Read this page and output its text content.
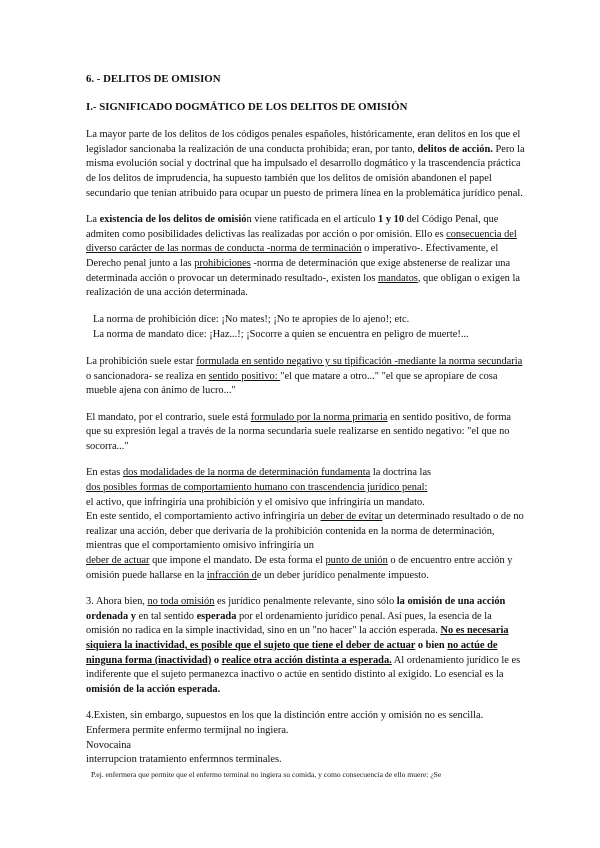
6. - DELITOS DE OMISION
I.- SIGNIFICADO DOGMÁTICO DE LOS DELITOS DE OMISIÓN

La mayor parte de los delitos de los códigos penales españoles, históricamente, eran delitos en los que el legislador sancionaba la realización de una conducta prohibida; eran, por tanto, delitos de acción. Pero la misma evolución social y doctrinal que ha impulsado el desarrollo dogmático y la trascendencia práctica de los delitos de imprudencia, ha supuesto también que los delitos de omisión abandonen el papel secundario que tenían atribuido para ocupar un puesto de primera línea en la problemática jurídico penal.

La existencia de los delitos de omisión viene ratificada en el artículo 1 y 10 del Código Penal, que admiten como posibilidades delictivas las realizadas por acción o por omisión. Ello es consecuencia del diverso carácter de las normas de conducta -norma de terminación o imperativo-. Efectivamente, el Derecho penal junto a las prohibiciones -norma de determinación que exige abstenerse de realizar una determinada acción o provocar un determinado resultado-, existen los mandatos, que obligan o exigen la realización de una acción determinada.

La norma de prohibición dice: ¡No mates!; ¡No te apropies de lo ajeno!; etc.
La norma de mandato dice: ¡Haz...!; ¡Socorre a quien se encuentra en peligro de muerte!...

La prohibición suele estar formulada en sentido negativo y su tipificación -mediante la norma secundaria o sancionadora- se realiza en sentido positivo: "el que matare a otro..." "el que se apropiare de cosa mueble ajena con ánimo de lucro..."

El mandato, por el contrario, suele está formulado por la norma primaria en sentido positivo, de forma que su expresión legal a través de la norma secundaria suele realizarse en sentido negativo: "el que no socorra..."

En estas dos modalidades de la norma de determinación fundamenta la doctrina las
dos posibles formas de comportamiento humano con trascendencia jurídico penal:
el activo, que infringiría una prohibición y el omisivo que infringiría un mandato.
En este sentido, el comportamiento activo infringiría un deber de evitar un determinado resultado o de no realizar una acción, deber que derivaría de la prohibición contenida en la norma de determinación, mientras que el comportamiento omisivo infringiría un
deber de actuar que impone el mandato. De esta forma el punto de unión o de encuentro entre acción y omisión puede hallarse en la infracción de un deber jurídico penalmente impuesto.

3. Ahora bien, no toda omisión es jurídico penalmente relevante, sino sólo la omisión de una acción ordenada y en tal sentido esperada por el ordenamiento jurídico penal. Así pues, la esencia de la omisión no radica en la simple inactividad, sino en un "no hacer" la acción esperada. No es necesaria siquiera la inactividad, es posible que el sujeto que tiene el deber de actuar o bien no actúe de ninguna forma (inactividad) o realice otra acción distinta a esperada. Al ordenamiento jurídico le es indiferente que el sujeto permanezca inactivo o actúe en sentido distinto al exigido. Lo esencial es la omisión de la acción esperada.

4.Existen, sin embargo, supuestos en los que la distinción entre acción y omisión no es sencilla.
Enfermera permite enfermo termijnal no ingiera.
Novocaina
interrupcion tratamiento enfermnos terminales.
P.ej. enfermera que permite que el enfermo terminal no ingiera su comida, y como consecuencia de ello muere: ¿Se
